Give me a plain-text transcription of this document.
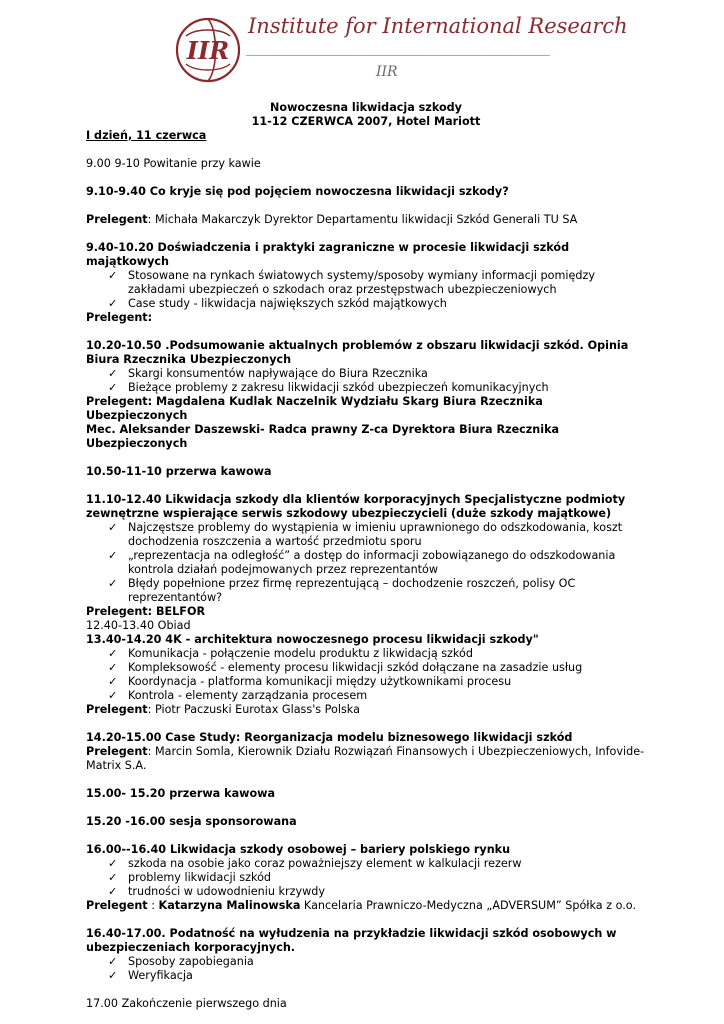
IIR
Institute for International Research
IIR
Nowoczesna likwidacja szkody
11-12 CZERWCA 2007, Hotel Mariott
I dzień, 11 czerwca
9.00 9-10 Powitanie przy kawie
9.10-9.40 Co kryje się pod pojęciem nowoczesna likwidacji szkody?
Prelegent: Michała Makarczyk Dyrektor Departamentu likwidacji Szkód Generali TU SA
9.40-10.20 Doświadczenia i praktyki zagraniczne w procesie likwidacji szkód majątkowych
✓ Stosowane na rynkach światowych systemy/sposoby wymiany informacji pomiędzy zakładami ubezpieczeń o szkodach oraz przestępstwach ubezpieczeniowych
✓ Case study - likwidacja największych szkód majątkowych
Prelegent:
10.20-10.50 .Podsumowanie aktualnych problemów z obszaru likwidacji szkód. Opinia Biura Rzecznika Ubezpieczonych
✓ Skargi konsumentów napływające do Biura Rzecznika
✓ Bieżące problemy z zakresu likwidacji szkód ubezpieczeń komunikacyjnych
Prelegent: Magdalena Kudlak Naczelnik Wydziału Skarg Biura Rzecznika Ubezpieczonych
Mec. Aleksander Daszewski- Radca prawny Z-ca Dyrektora Biura Rzecznika Ubezpieczonych
10.50-11-10 przerwa kawowa
11.10-12.40 Likwidacja szkody dla klientów korporacyjnych Specjalistyczne podmioty zewnętrzne wspierające serwis szkodowy ubezpieczycieli (duże szkody majątkowe)
✓ Najczęstsze problemy do wystąpienia w imieniu uprawnionego do odszkodowania, koszt dochodzenia roszczenia a wartość przedmiotu sporu
✓ „reprezentacja na odległość” a dostęp do informacji zobowiązanego do odszkodowania kontrola działań podejmowanych przez reprezentantów
✓ Błędy popełnione przez firmę reprezentującą – dochodzenie roszczeń, polisy OC reprezentantów?
Prelegent: BELFOR
12.40-13.40 Obiad
13.40-14.20 4K - architektura nowoczesnego procesu likwidacji szkody"
✓ Komunikacja - połączenie modelu produktu z likwidacją szkód
✓ Kompleksowość - elementy procesu likwidacji szkód dołączane na zasadzie usług
✓ Koordynacja - platforma komunikacji między użytkownikami procesu
✓ Kontrola - elementy zarządzania procesem
Prelegent: Piotr Paczuski Eurotax Glass's Polska
14.20-15.00 Case Study: Reorganizacja modelu biznesowego likwidacji szkód
Prelegent: Marcin Somla, Kierownik Działu Rozwiązań Finansowych i Ubezpieczeniowych, Infovide-Matrix S.A.
15.00- 15.20 przerwa kawowa
15.20 -16.00 sesja sponsorowana
16.00--16.40 Likwidacja szkody osobowej – bariery polskiego rynku
✓ szkoda na osobie jako coraz poważniejszy element w kalkulacji rezerw
✓ problemy likwidacji szkód
✓ trudności w udowodnieniu krzywdy
Prelegent : Katarzyna Malinowska Kancelaria Prawniczo-Medyczna „ADVERSUM” Spółka z o.o.
16.40-17.00. Podatność na wyłudzenia na przykładzie likwidacji szkód osobowych w ubezpieczeniach korporacyjnych.
✓ Sposoby zapobiegania
✓ Weryfikacja
17.00 Zakończenie pierwszego dnia
